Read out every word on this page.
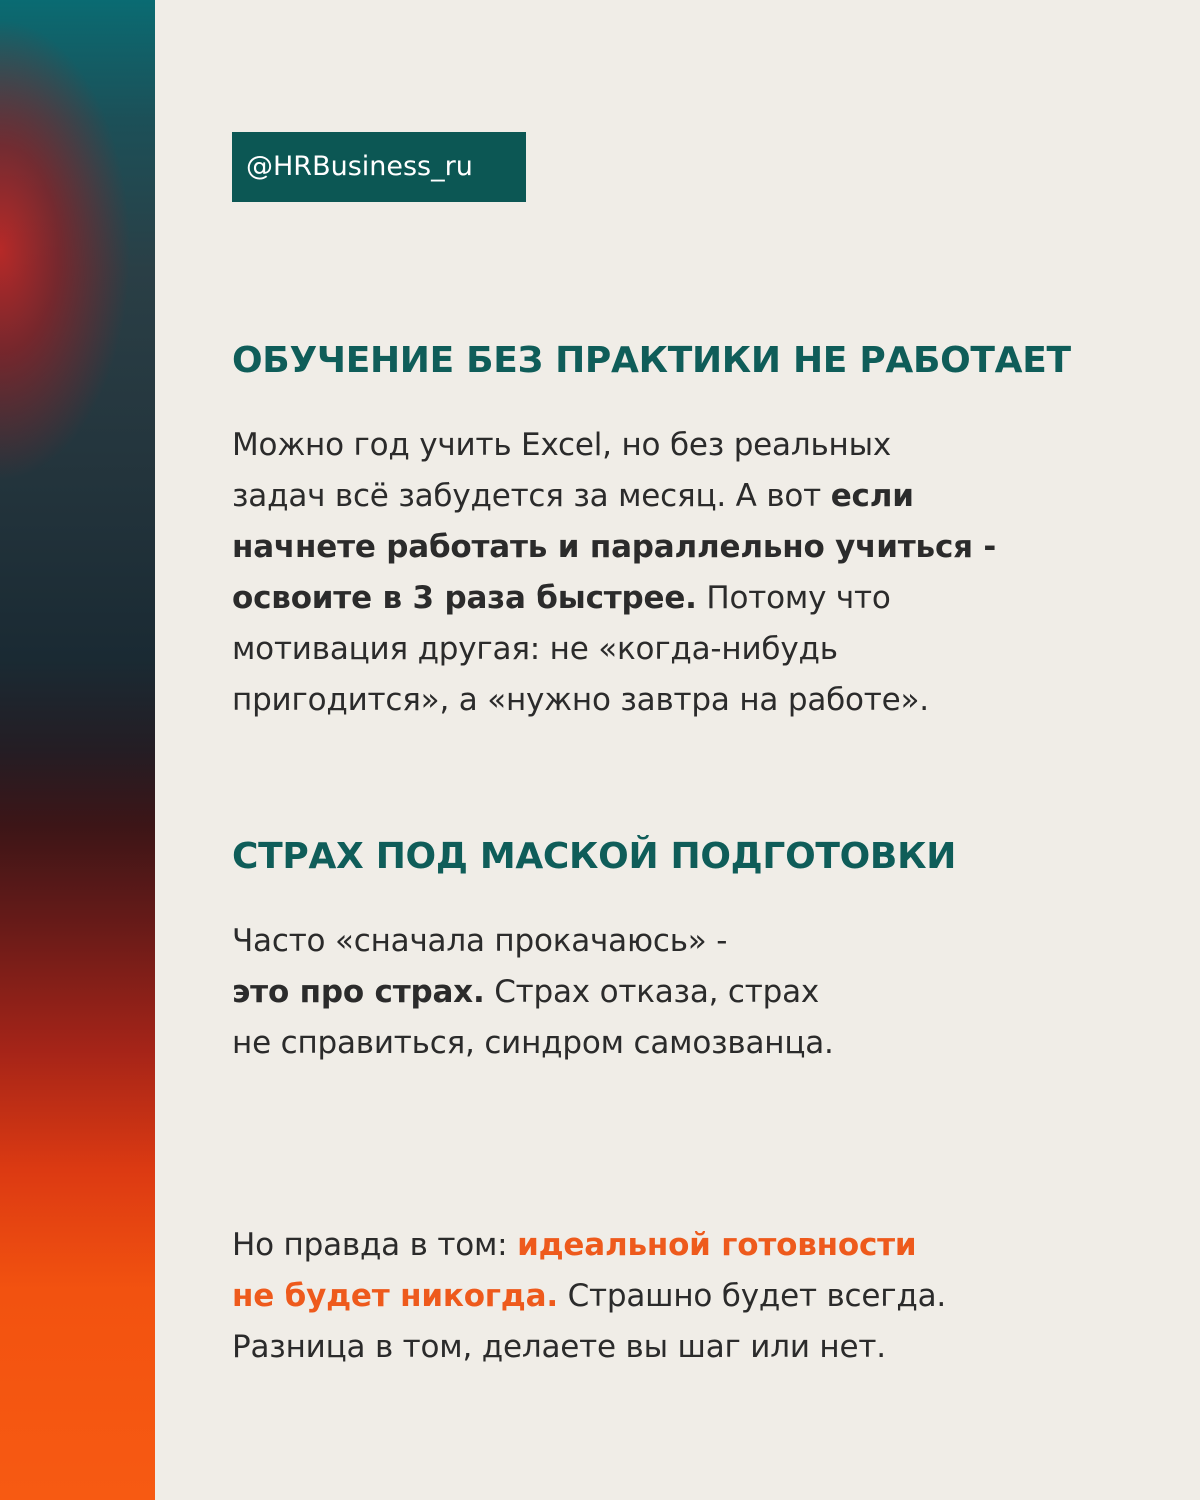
@HRBusiness_ru
ОБУЧЕНИЕ БЕЗ ПРАКТИКИ НЕ РАБОТАЕТ
Можно год учить Excel, но без реальных
задач всё забудется за месяц. А вот если
начнете работать и параллельно учиться -
освоите в 3 раза быстрее. Потому что
мотивация другая: не «когда-нибудь
пригодится», а «нужно завтра на работе».
СТРАХ ПОД МАСКОЙ ПОДГОТОВКИ
Часто «сначала прокачаюсь» -
это про страх. Страх отказа, страх
не справиться, синдром самозванца.
Но правда в том: идеальной готовности
не будет никогда. Страшно будет всегда.
Разница в том, делаете вы шаг или нет.
